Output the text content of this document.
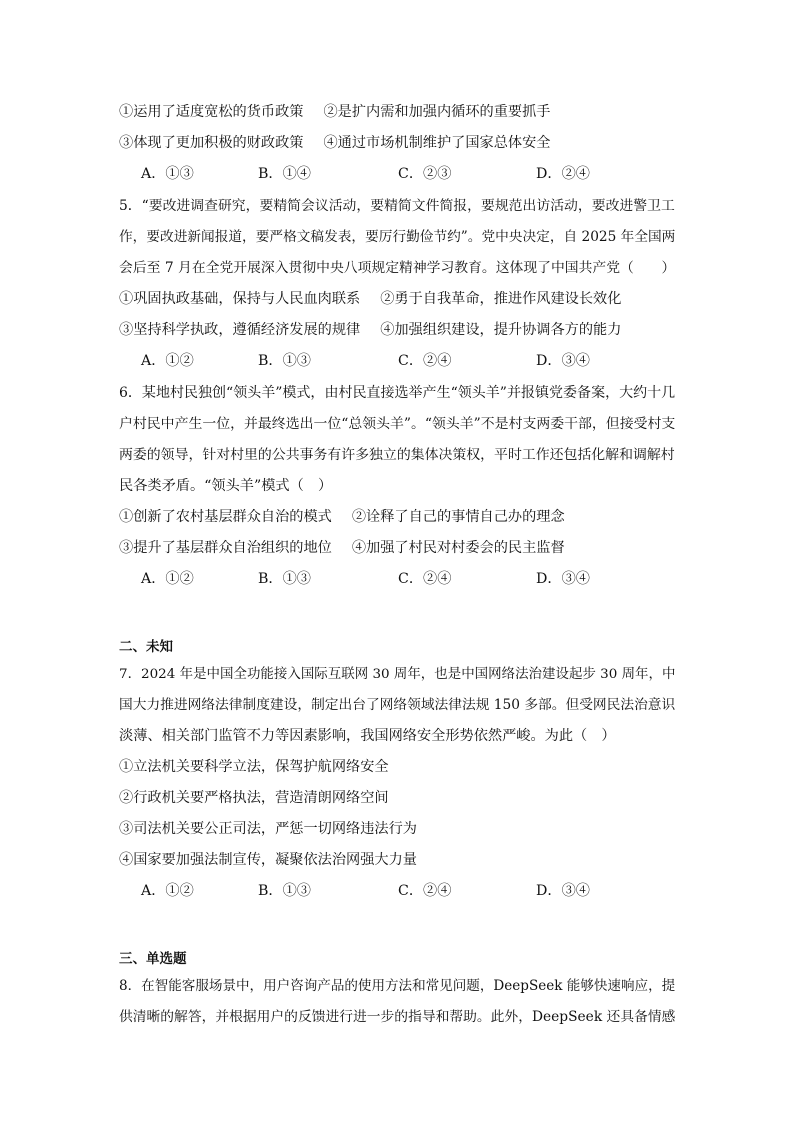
①运用了适度宽松的货币政策 ②是扩内需和加强内循环的重要抓手
③体现了更加积极的财政政策 ④通过市场机制维护了国家总体安全
A．①③	B．①④	C．②③	D．②④
5．“要改进调查研究，要精简会议活动，要精简文件简报，要规范出访活动，要改进警卫工
作，要改进新闻报道，要严格文稿发表，要厉行勤俭节约”。党中央决定，自 2025 年全国两
会后至 7 月在全党开展深入贯彻中央八项规定精神学习教育。这体现了中国共产党（　　）
①巩固执政基础，保持与人民血肉联系 ②勇于自我革命，推进作风建设长效化
③坚持科学执政，遵循经济发展的规律 ④加强组织建设，提升协调各方的能力
A．①②	B．①③	C．②④	D．③④
6．某地村民独创“领头羊”模式，由村民直接选举产生“领头羊”并报镇党委备案，大约十几
户村民中产生一位，并最终选出一位“总领头羊”。“领头羊”不是村支两委干部，但接受村支
两委的领导，针对村里的公共事务有许多独立的集体决策权，平时工作还包括化解和调解村
民各类矛盾。“领头羊”模式（　）
①创新了农村基层群众自治的模式 ②诠释了自己的事情自己办的理念
③提升了基层群众自治组织的地位 ④加强了村民对村委会的民主监督
A．①②	B．①③	C．②④	D．③④
二、未知
7．2024 年是中国全功能接入国际互联网 30 周年，也是中国网络法治建设起步 30 周年，中
国大力推进网络法律制度建设，制定出台了网络领域法律法规 150 多部。但受网民法治意识
淡薄、相关部门监管不力等因素影响，我国网络安全形势依然严峻。为此（　）
①立法机关要科学立法，保驾护航网络安全
②行政机关要严格执法，营造清朗网络空间
③司法机关要公正司法，严惩一切网络违法行为
④国家要加强法制宣传，凝聚依法治网强大力量
A．①②	B．①③	C．②④	D．③④
三、单选题
8．在智能客服场景中，用户咨询产品的使用方法和常见问题，DeepSeek 能够快速响应，提
供清晰的解答，并根据用户的反馈进行进一步的指导和帮助。此外，DeepSeek 还具备情感
